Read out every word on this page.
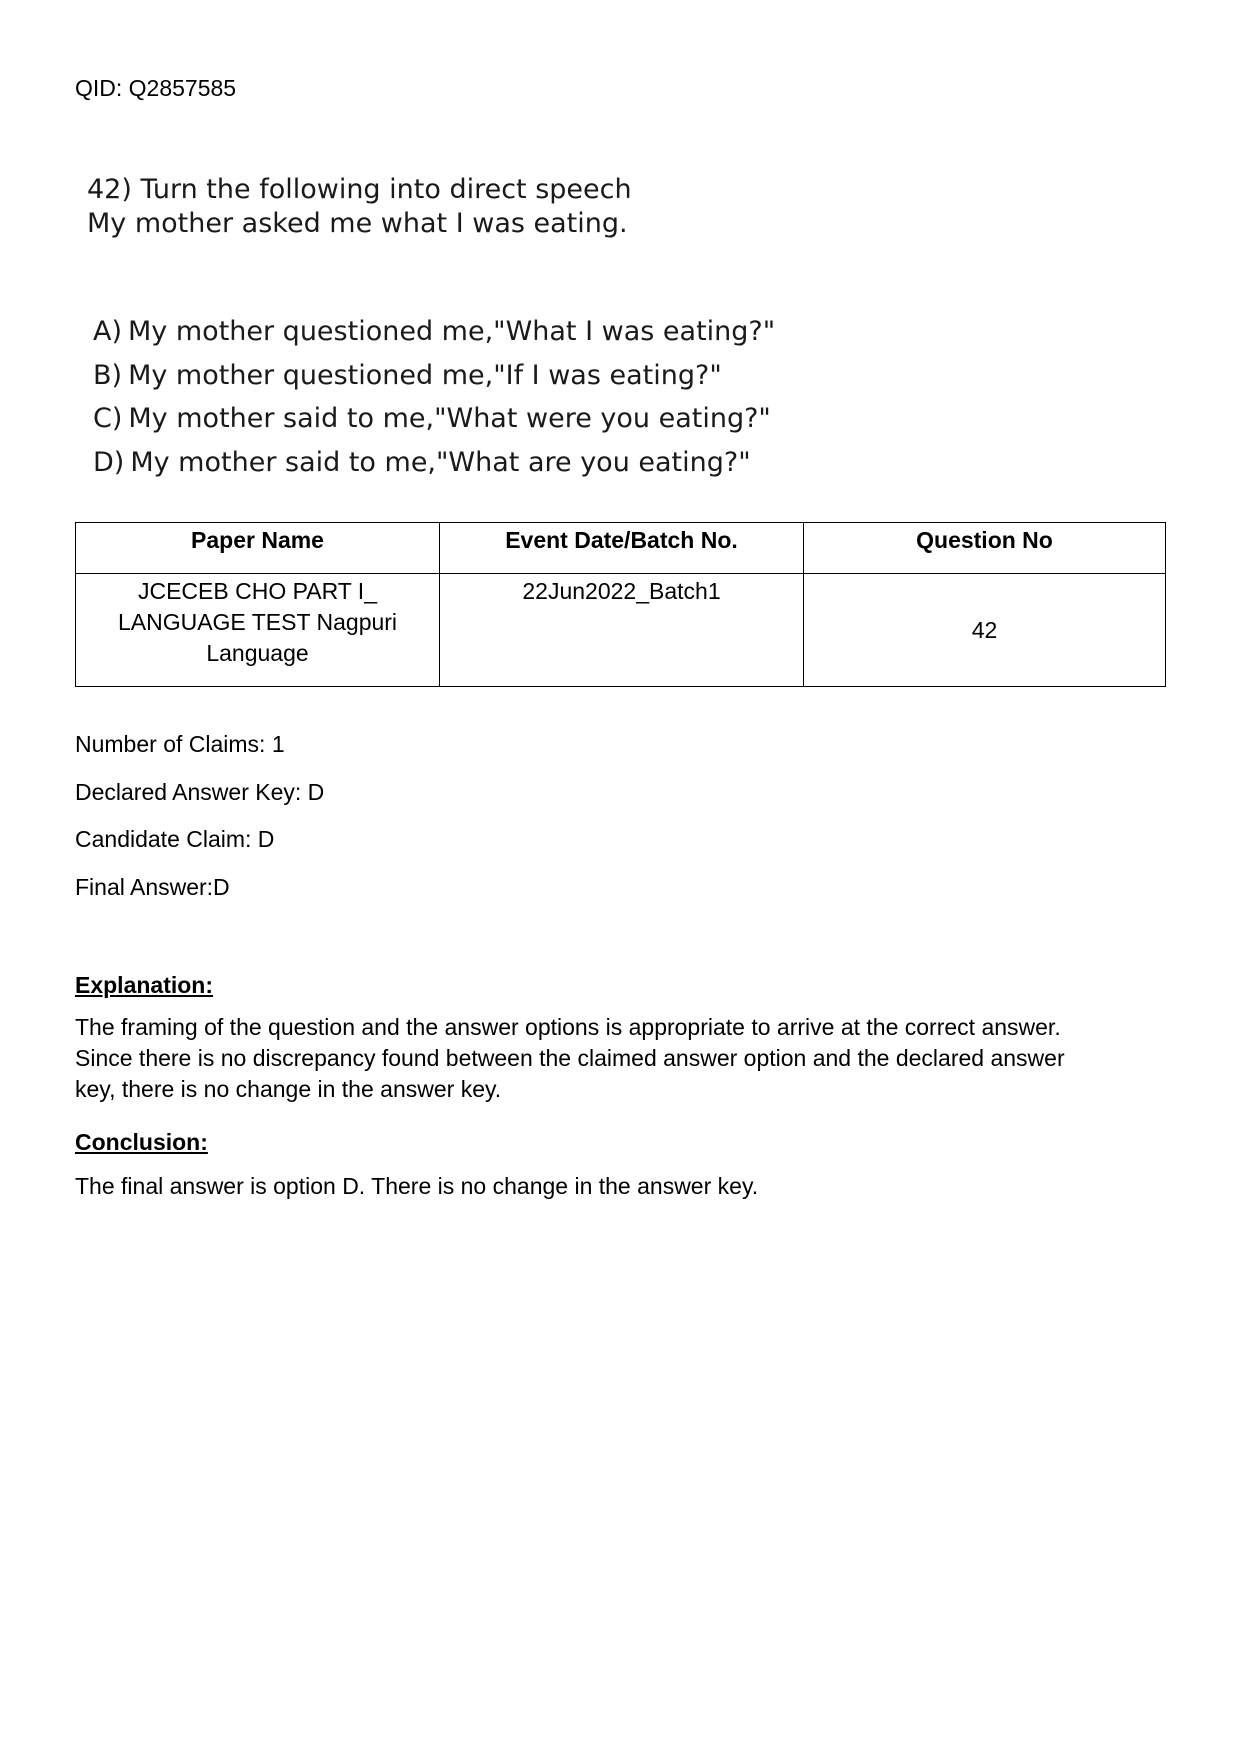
QID: Q2857585
42) Turn the following into direct speech
My mother asked me what I was eating.
A) My mother questioned me,"What I was eating?"
B) My mother questioned me,"If I was eating?"
C) My mother said to me,"What were you eating?"
D) My mother said to me,"What are you eating?"
Paper Name	Event Date/Batch No.	Question No

JCECEB CHO PART I_
LANGUAGE TEST Nagpuri
Language	22Jun2022_Batch1	42
Number of Claims: 1
Declared Answer Key: D
Candidate Claim: D
Final Answer:D
Explanation:
The framing of the question and the answer options is appropriate to arrive at the correct answer.
Since there is no discrepancy found between the claimed answer option and the declared answer
key, there is no change in the answer key.
Conclusion:
The final answer is option D. There is no change in the answer key.
